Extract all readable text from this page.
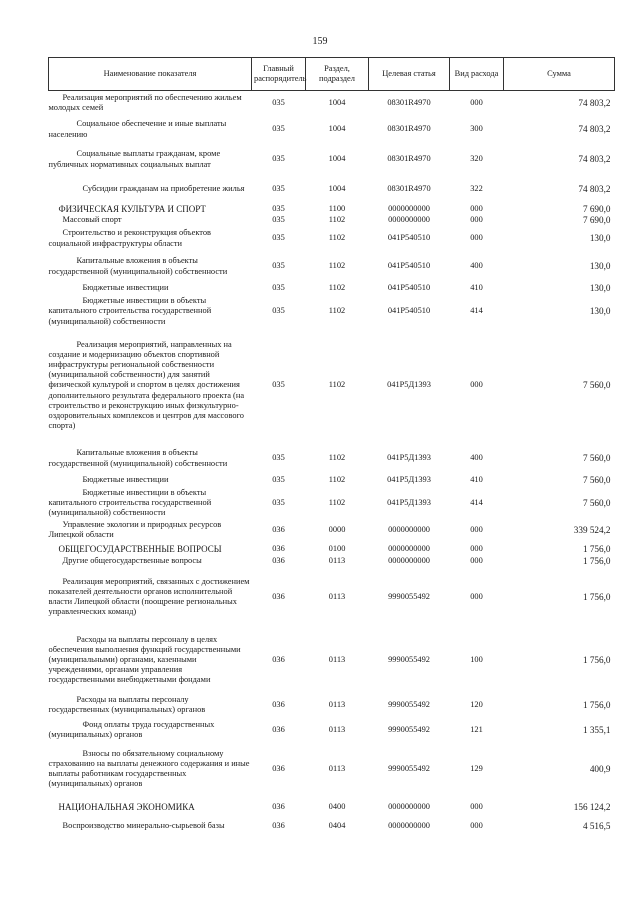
159
Наименование показателя	Главный распорядитель	Раздел, подраздел	Целевая статья	Вид расхода	Сумма
Реализация мероприятий по обеспечению жильем молодых семей	035	1004	08301R4970	000	74 803,2
Социальное обеспечение и иные выплаты населению	035	1004	08301R4970	300	74 803,2
Социальные выплаты гражданам, кроме публичных нормативных социальных выплат	035	1004	08301R4970	320	74 803,2
Субсидии гражданам на приобретение жилья	035	1004	08301R4970	322	74 803,2
ФИЗИЧЕСКАЯ КУЛЬТУРА И СПОРТ	035	1100	0000000000	000	7 690,0
Массовый спорт	035	1102	0000000000	000	7 690,0
Строительство и реконструкция объектов социальной инфраструктуры области	035	1102	041P540510	000	130,0
Капитальные вложения в объекты государственной (муниципальной) собственности	035	1102	041P540510	400	130,0
Бюджетные инвестиции	035	1102	041P540510	410	130,0
Бюджетные инвестиции в объекты капитального строительства государственной (муниципальной) собственности	035	1102	041P540510	414	130,0
Реализация мероприятий, направленных на создание и модернизацию объектов спортивной инфраструктуры региональной собственности (муниципальной собственности) для занятий физической культурой и спортом в целях достижения дополнительного результата федерального проекта (на строительство и реконструкцию иных физкультурно-оздоровительных комплексов и центров для массового спорта)	035	1102	041P5Д1393	000	7 560,0
Капитальные вложения в объекты государственной (муниципальной) собственности	035	1102	041P5Д1393	400	7 560,0
Бюджетные инвестиции	035	1102	041P5Д1393	410	7 560,0
Бюджетные инвестиции в объекты капитального строительства государственной (муниципальной) собственности	035	1102	041P5Д1393	414	7 560,0
Управление экологии и природных ресурсов Липецкой области	036	0000	0000000000	000	339 524,2
ОБЩЕГОСУДАРСТВЕННЫЕ ВОПРОСЫ	036	0100	0000000000	000	1 756,0
Другие общегосударственные вопросы	036	0113	0000000000	000	1 756,0
Реализация мероприятий, связанных с достижением показателей деятельности органов исполнительной власти Липецкой области (поощрение региональных управленческих команд)	036	0113	9990055492	000	1 756,0
Расходы на выплаты персоналу в целях обеспечения выполнения функций государственными (муниципальными) органами, казенными учреждениями, органами управления государственными внебюджетными фондами	036	0113	9990055492	100	1 756,0
Расходы на выплаты персоналу государственных (муниципальных) органов	036	0113	9990055492	120	1 756,0
Фонд оплаты труда государственных (муниципальных) органов	036	0113	9990055492	121	1 355,1
Взносы по обязательному социальному страхованию на выплаты денежного содержания и иные выплаты работникам государственных (муниципальных) органов	036	0113	9990055492	129	400,9
НАЦИОНАЛЬНАЯ ЭКОНОМИКА	036	0400	0000000000	000	156 124,2
Воспроизводство минерально-сырьевой базы	036	0404	0000000000	000	4 516,5
